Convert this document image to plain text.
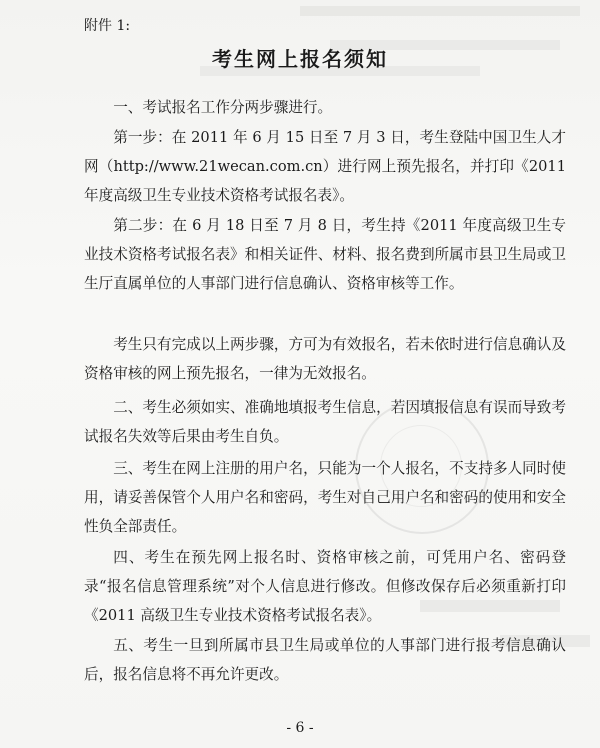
附件 1:
考生网上报名须知
一、考试报名工作分两步骤进行。
第一步：在 2011 年 6 月 15 日至 7 月 3 日，考生登陆中国卫生人才网（http://www.21wecan.com.cn）进行网上预先报名，并打印《2011 年度高级卫生专业技术资格考试报名表》。
第二步：在 6 月 18 日至 7 月 8 日，考生持《2011 年度高级卫生专业技术资格考试报名表》和相关证件、材料、报名费到所属市县卫生局或卫生厅直属单位的人事部门进行信息确认、资格审核等工作。
考生只有完成以上两步骤，方可为有效报名，若未依时进行信息确认及资格审核的网上预先报名，一律为无效报名。
二、考生必须如实、准确地填报考生信息，若因填报信息有误而导致考试报名失效等后果由考生自负。
三、考生在网上注册的用户名，只能为一个人报名，不支持多人同时使用，请妥善保管个人用户名和密码，考生对自己用户名和密码的使用和安全性负全部责任。
四、考生在预先网上报名时、资格审核之前，可凭用户名、密码登录“报名信息管理系统”对个人信息进行修改。但修改保存后必须重新打印《2011 高级卫生专业技术资格考试报名表》。
五、考生一旦到所属市县卫生局或单位的人事部门进行报考信息确认后，报名信息将不再允许更改。
- 6 -
